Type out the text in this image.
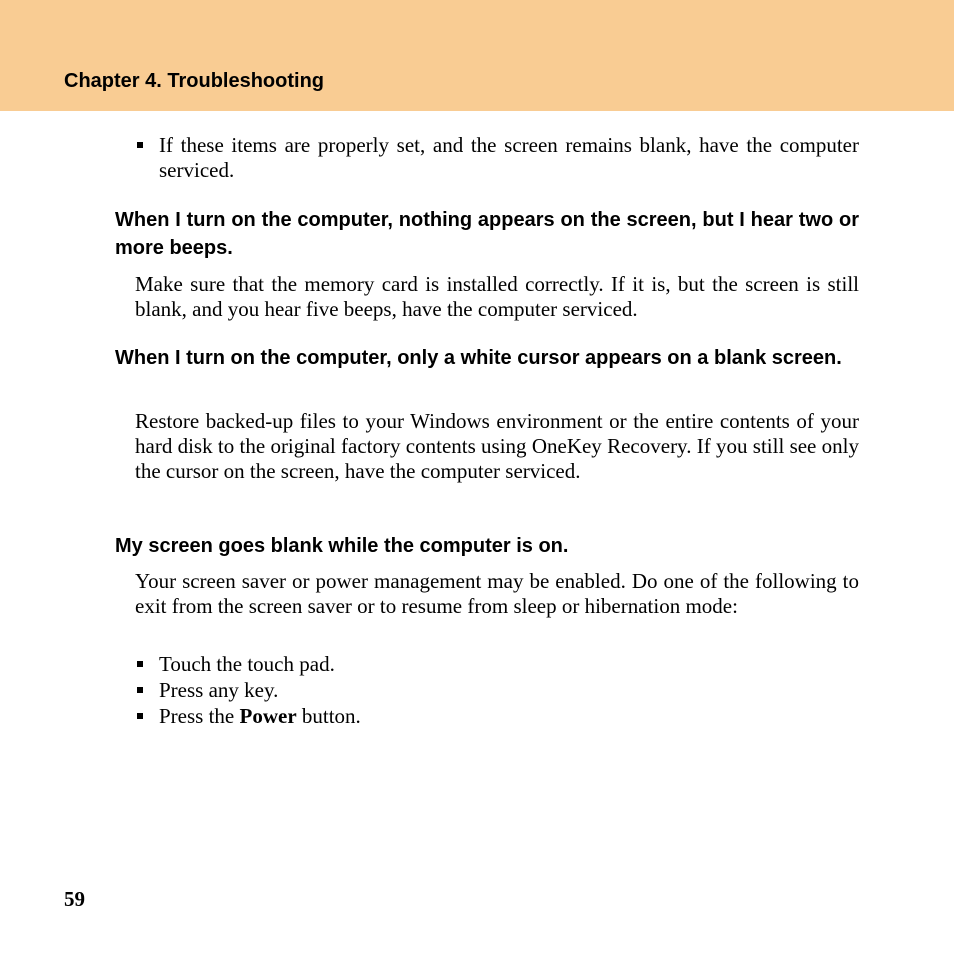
Chapter 4. Troubleshooting

If these items are properly set, and the screen remains blank, have the computer serviced.
When I turn on the computer, nothing appears on the screen, but I hear two or more beeps.

Make sure that the memory card is installed correctly. If it is, but the screen is still blank, and you hear five beeps, have the computer serviced.

When I turn on the computer, only a white cursor appears on a blank screen.

Restore backed-up files to your Windows environment or the entire contents of your hard disk to the original factory contents using OneKey Recovery. If you still see only the cursor on the screen, have the computer serviced.

My screen goes blank while the computer is on.

Your screen saver or power management may be enabled. Do one of the following to exit from the screen saver or to resume from sleep or hibernation mode:

Touch the touch pad.
Press any key.
Press the Power button.

59
